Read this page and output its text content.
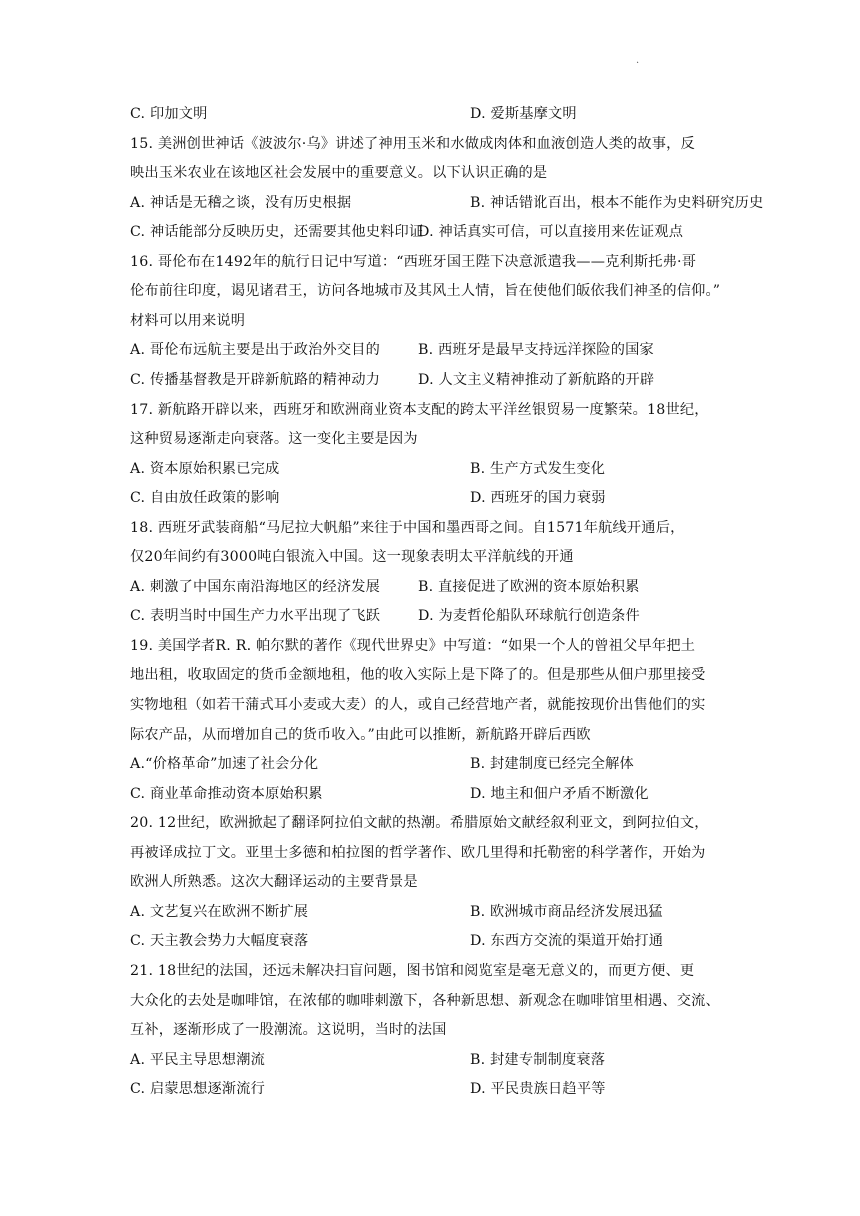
·
C. 印加文明	D. 爱斯基摩文明
15. 美洲创世神话《波波尔·乌》讲述了神用玉米和水做成肉体和血液创造人类的故事，反
映出玉米农业在该地区社会发展中的重要意义。以下认识正确的是
A. 神话是无稽之谈，没有历史根据	B. 神话错讹百出，根本不能作为史料研究历史
C. 神话能部分反映历史，还需要其他史料印证
D. 神话真实可信，可以直接用来佐证观点
16. 哥伦布在1492年的航行日记中写道：“西班牙国王陛下决意派遣我——克利斯托弗·哥
伦布前往印度，谒见诸君王，访问各地城市及其风土人情，旨在使他们皈依我们神圣的信仰。”
材料可以用来说明
A. 哥伦布远航主要是出于政治外交目的	B. 西班牙是最早支持远洋探险的国家
C. 传播基督教是开辟新航路的精神动力	D. 人文主义精神推动了新航路的开辟
17. 新航路开辟以来，西班牙和欧洲商业资本支配的跨太平洋丝银贸易一度繁荣。18世纪，
这种贸易逐渐走向衰落。这一变化主要是因为
A. 资本原始积累已完成	B. 生产方式发生变化
C. 自由放任政策的影响	D. 西班牙的国力衰弱
18. 西班牙武装商船“马尼拉大帆船”来往于中国和墨西哥之间。自1571年航线开通后，
仅20年间约有3000吨白银流入中国。这一现象表明太平洋航线的开通
A. 刺激了中国东南沿海地区的经济发展	B. 直接促进了欧洲的资本原始积累
C. 表明当时中国生产力水平出现了飞跃	D. 为麦哲伦船队环球航行创造条件
19. 美国学者R. R. 帕尔默的著作《现代世界史》中写道：“如果一个人的曾祖父早年把土
地出租，收取固定的货币金额地租，他的收入实际上是下降了的。但是那些从佃户那里接受
实物地租（如若干蒲式耳小麦或大麦）的人，或自己经营地产者，就能按现价出售他们的实
际农产品，从而增加自己的货币收入。”由此可以推断，新航路开辟后西欧
A.“价格革命”加速了社会分化	B. 封建制度已经完全解体
C. 商业革命推动资本原始积累	D. 地主和佃户矛盾不断激化
20. 12世纪，欧洲掀起了翻译阿拉伯文献的热潮。希腊原始文献经叙利亚文，到阿拉伯文，
再被译成拉丁文。亚里士多德和柏拉图的哲学著作、欧几里得和托勒密的科学著作，开始为
欧洲人所熟悉。这次大翻译运动的主要背景是
A. 文艺复兴在欧洲不断扩展	B. 欧洲城市商品经济发展迅猛
C. 天主教会势力大幅度衰落	D. 东西方交流的渠道开始打通
21. 18世纪的法国，还远未解决扫盲问题，图书馆和阅览室是毫无意义的，而更方便、更
大众化的去处是咖啡馆，在浓郁的咖啡刺激下，各种新思想、新观念在咖啡馆里相遇、交流、
互补，逐渐形成了一股潮流。这说明，当时的法国
A. 平民主导思想潮流	B. 封建专制制度衰落
C. 启蒙思想逐渐流行	D. 平民贵族日趋平等
